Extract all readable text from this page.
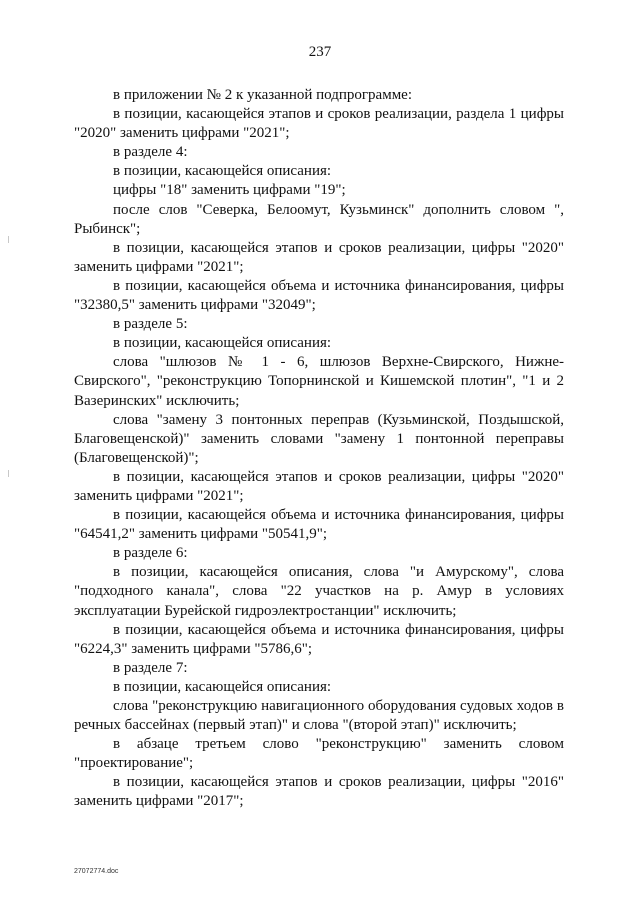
237

в приложении № 2 к указанной подпрограмме:

в позиции, касающейся этапов и сроков реализации, раздела 1 цифры "2020" заменить цифрами "2021";

в разделе 4:

в позиции, касающейся описания:

цифры "18" заменить цифрами "19";

после слов "Северка, Белоомут, Кузьминск" дополнить словом ", Рыбинск";

в позиции, касающейся этапов и сроков реализации, цифры "2020" заменить цифрами "2021";

в позиции, касающейся объема и источника финансирования, цифры "32380,5" заменить цифрами "32049";

в разделе 5:

в позиции, касающейся описания:

слова "шлюзов № 1 - 6, шлюзов Верхне-Свирского, Нижне-Свирского", "реконструкцию Топорнинской и Кишемской плотин", "1 и 2 Вазеринских" исключить;

слова "замену 3 понтонных переправ (Кузьминской, Поздышской, Благовещенской)" заменить словами "замену 1 понтонной переправы (Благовещенской)";

в позиции, касающейся этапов и сроков реализации, цифры "2020" заменить цифрами "2021";

в позиции, касающейся объема и источника финансирования, цифры "64541,2" заменить цифрами "50541,9";

в разделе 6:

в позиции, касающейся описания, слова "и Амурскому", слова "подходного канала", слова "22 участков на р. Амур в условиях эксплуатации Бурейской гидроэлектростанции" исключить;

в позиции, касающейся объема и источника финансирования, цифры "6224,3" заменить цифрами "5786,6";

в разделе 7:

в позиции, касающейся описания:

слова "реконструкцию навигационного оборудования судовых ходов в речных бассейнах (первый этап)" и слова "(второй этап)" исключить;

в абзаце третьем слово "реконструкцию" заменить словом "проектирование";

в позиции, касающейся этапов и сроков реализации, цифры "2016" заменить цифрами "2017";

27072774.doc
